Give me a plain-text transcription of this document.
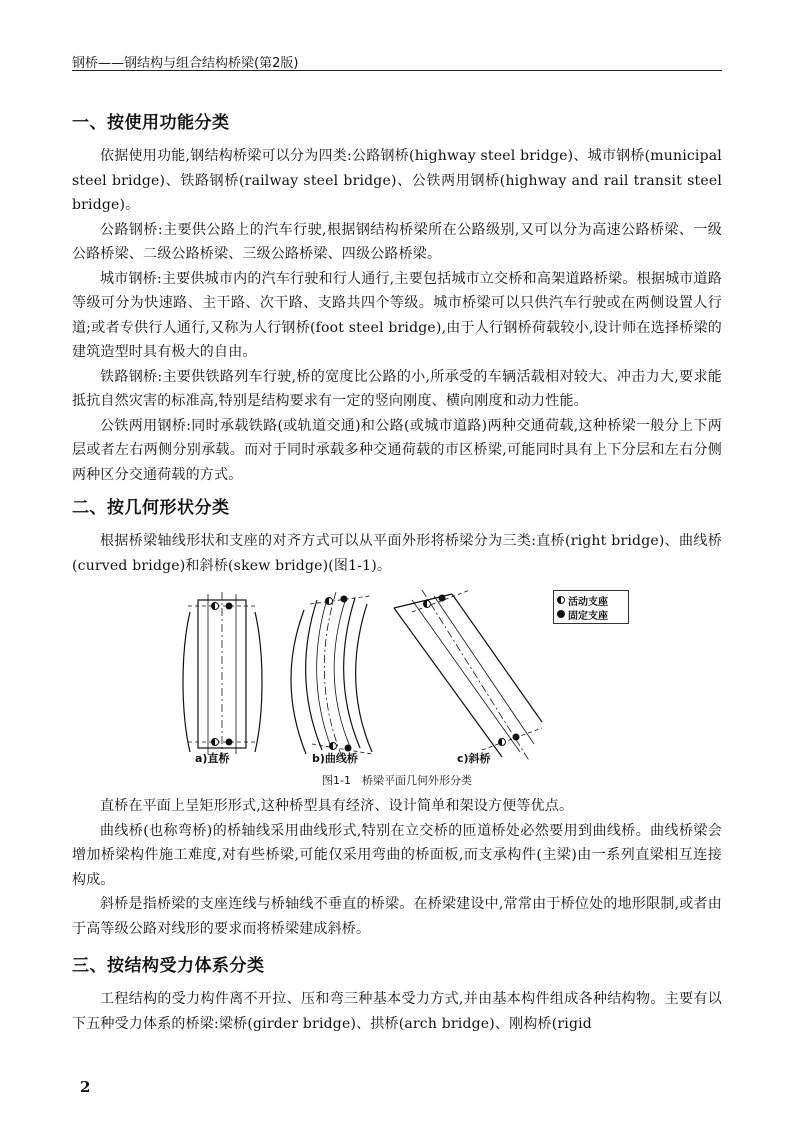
钢桥——钢结构与组合结构桥梁(第2版)
一、按使用功能分类

依据使用功能,钢结构桥梁可以分为四类:公路钢桥(highway steel bridge)、城市钢桥(municipal steel bridge)、铁路钢桥(railway steel bridge)、公铁两用钢桥(highway and rail transit steel bridge)。

公路钢桥:主要供公路上的汽车行驶,根据钢结构桥梁所在公路级别,又可以分为高速公路桥梁、一级公路桥梁、二级公路桥梁、三级公路桥梁、四级公路桥梁。

城市钢桥:主要供城市内的汽车行驶和行人通行,主要包括城市立交桥和高架道路桥梁。根据城市道路等级可分为快速路、主干路、次干路、支路共四个等级。城市桥梁可以只供汽车行驶或在两侧设置人行道;或者专供行人通行,又称为人行钢桥(foot steel bridge),由于人行钢桥荷载较小,设计师在选择桥梁的建筑造型时具有极大的自由。

铁路钢桥:主要供铁路列车行驶,桥的宽度比公路的小,所承受的车辆活载相对较大、冲击力大,要求能抵抗自然灾害的标准高,特别是结构要求有一定的竖向刚度、横向刚度和动力性能。

公铁两用钢桥:同时承载铁路(或轨道交通)和公路(或城市道路)两种交通荷载,这种桥梁一般分上下两层或者左右两侧分别承载。而对于同时承载多种交通荷载的市区桥梁,可能同时具有上下分层和左右分侧两种区分交通荷载的方式。

二、按几何形状分类

根据桥梁轴线形状和支座的对齐方式可以从平面外形将桥梁分为三类:直桥(right bridge)、曲线桥(curved bridge)和斜桥(skew bridge)(图1-1)。

活动支座
固定支座
a)直桥	b)曲线桥	c)斜桥
图1-1　桥梁平面几何外形分类

直桥在平面上呈矩形形式,这种桥型具有经济、设计简单和架设方便等优点。

曲线桥(也称弯桥)的桥轴线采用曲线形式,特别在立交桥的匝道桥处必然要用到曲线桥。曲线桥梁会增加桥梁构件施工难度,对有些桥梁,可能仅采用弯曲的桥面板,而支承构件(主梁)由一系列直梁相互连接构成。

斜桥是指桥梁的支座连线与桥轴线不垂直的桥梁。在桥梁建设中,常常由于桥位处的地形限制,或者由于高等级公路对线形的要求而将桥梁建成斜桥。

三、按结构受力体系分类

工程结构的受力构件离不开拉、压和弯三种基本受力方式,并由基本构件组成各种结构物。主要有以下五种受力体系的桥梁:梁桥(girder bridge)、拱桥(arch bridge)、刚构桥(rigid

2
